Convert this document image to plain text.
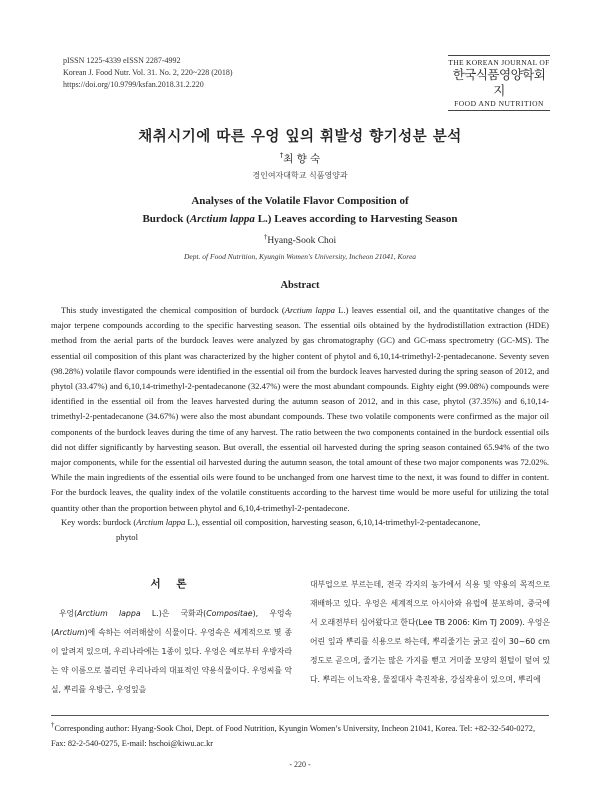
pISSN 1225-4339 eISSN 2287-4992
Korean J. Food Nutr. Vol. 31. No. 2, 220~228 (2018)
https://doi.org/10.9799/ksfan.2018.31.2.220
THE KOREAN JOURNAL OF
한국식품영양학회지
FOOD AND NUTRITION
채취시기에 따른 우엉 잎의 휘발성 향기성분 분석
†최 향 숙
경인여자대학교 식품영양과
Analyses of the Volatile Flavor Composition of
Burdock (Arctium lappa L.) Leaves according to Harvesting Season
†Hyang-Sook Choi
Dept. of Food Nutrition, Kyungin Women's University, Incheon 21041, Korea
Abstract
This study investigated the chemical composition of burdock (Arctium lappa L.) leaves essential oil, and the quantitative changes of the major terpene compounds according to the specific harvesting season. The essential oils obtained by the hydrodistillation extraction (HDE) method from the aerial parts of the burdock leaves were analyzed by gas chromatography (GC) and GC-mass spectrometry (GC-MS). The essential oil composition of this plant was characterized by the higher content of phytol and 6,10,14-trimethyl-2-pentadecanone. Seventy seven (98.28%) volatile flavor compounds were identified in the essential oil from the burdock leaves harvested during the spring season of 2012, and phytol (33.47%) and 6,10,14-trimethyl-2-pentadecanone (32.47%) were the most abundant compounds. Eighty eight (99.08%) compounds were identified in the essential oil from the leaves harvested during the autumn season of 2012, and in this case, phytol (37.35%) and 6,10,14-trimethyl-2-pentadecanone (34.67%) were also the most abundant compounds. These two volatile components were confirmed as the major oil components of the burdock leaves during the time of any harvest. The ratio between the two components contained in the burdock essential oils did not differ significantly by harvesting season. But overall, the essential oil harvested during the spring season contained 65.94% of the two major components, while for the essential oil harvested during the autumn season, the total amount of these two major components was 72.02%. While the main ingredients of the essential oils were found to be unchanged from one harvest time to the next, it was found to differ in content. For the burdock leaves, the quality index of the volatile constituents according to the harvest time would be more useful for utilizing the total quantity other than the proportion between phytol and 6,10,4-trimethyl-2-pentadecone.
Key words: burdock (Arctium lappa L.), essential oil composition, harvesting season, 6,10,14-trimethyl-2-pentadecanone,
phytol
서 론
우엉(Arctium lappa L.)은 국화과(Compositae), 우엉속(Arctium)에 속하는 여러해살이 식물이다. 우엉속은 세계적으로 몇 종이 알려져 있으며, 우리나라에는 1종이 있다. 우엉은 예로부터 우방자라는 약 이름으로 불리던 우리나라의 대표적인 약용식물이다. 우엉씨를 악실, 뿌리를 우방근, 우엉잎을
대부업으로 부르는데, 전국 각지의 농가에서 식용 및 약용의 목적으로 재배하고 있다. 우엉은 세계적으로 아시아와 유럽에 분포하며, 중국에서 오래전부터 심어왔다고 한다(Lee TB 2006: Kim TJ 2009). 우엉은 어린 잎과 뿌리를 식용으로 하는데, 뿌리줄기는 굵고 길이 30~60 cm 정도로 곧으며, 줄기는 많은 가지를 뻗고 거미줄 모양의 흰털이 덮여 있다. 뿌리는 이뇨작용, 물질대사 촉진작용, 강심작용이 있으며, 뿌리에
†Corresponding author: Hyang-Sook Choi, Dept. of Food Nutrition, Kyungin Women’s University, Incheon 21041, Korea. Tel: +82-32-540-0272, Fax: 82-2-540-0275, E-mail: hschoi@kiwu.ac.kr
- 220 -
